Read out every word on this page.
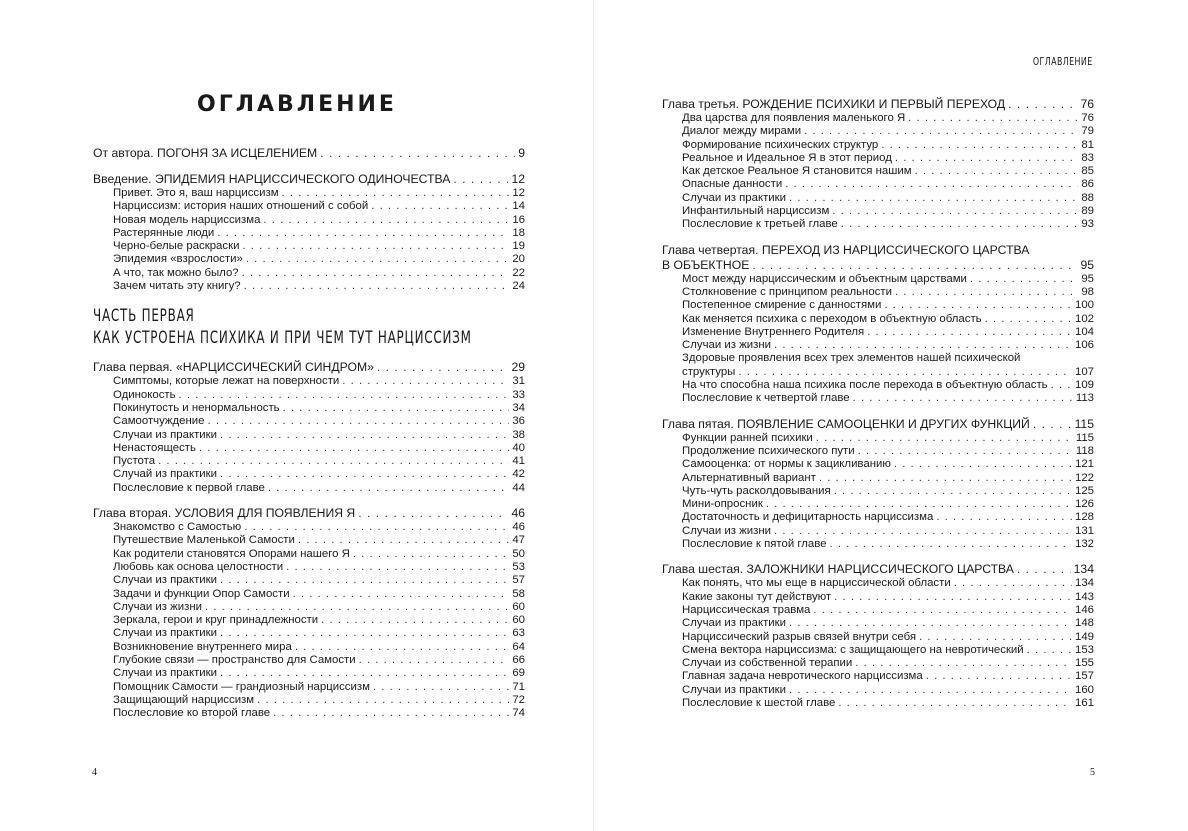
ОГЛАВЛЕНИЕ
От автора. ПОГОНЯ ЗА ИСЦЕЛЕНИЕМ . . .	9
Введение. ЭПИДЕМИЯ НАРЦИССИЧЕСКОГО ОДИНОЧЕСТВА . . .	12
Привет. Это я, ваш нарциссизм . . .	12
Нарциссизм: история наших отношений с собой . . .	14
Новая модель нарциссизма . . .	16
Растерянные люди . . .	18
Черно-белые раскраски . . .	19
Эпидемия «взрослости» . . .	20
А что, так можно было? . . .	22
Зачем читать эту книгу? . . .	24
ЧАСТЬ ПЕРВАЯ
КАК УСТРОЕНА ПСИХИКА И ПРИ ЧЕМ ТУТ НАРЦИССИЗМ
Глава первая. «НАРЦИССИЧЕСКИЙ СИНДРОМ» . . .	29
Симптомы, которые лежат на поверхности . . .	31
Одинокость . . .	33
Покинутость и ненормальность . . .	34
Самоотчуждение . . .	36
Случаи из практики . . .	38
Ненастоящесть . . .	40
Пустота . . .	41
Случай из практики . . .	42
Послесловие к первой главе . . .	44
Глава вторая. УСЛОВИЯ ДЛЯ ПОЯВЛЕНИЯ Я . . .	46
Знакомство с Самостью . . .	46
Путешествие Маленькой Самости . . .	47
Как родители становятся Опорами нашего Я . . .	50
Любовь как основа целостности . . .	53
Случаи из практики . . .	57
Задачи и функции Опор Самости . . .	58
Случаи из жизни . . .	60
Зеркала, герои и круг принадлежности . . .	60
Случаи из практики . . .	63
Возникновение внутреннего мира . . .	64
Глубокие связи — пространство для Самости . . .	66
Случаи из практики . . .	69
Помощник Самости — грандиозный нарциссизм . . .	71
Защищающий нарциссизм . . .	72
Послесловие ко второй главе . . .	74
4
ОГЛАВЛЕНИЕ
Глава третья. РОЖДЕНИЕ ПСИХИКИ И ПЕРВЫЙ ПЕРЕХОД . . .	76
Два царства для появления маленького Я . . .	76
Диалог между мирами . . .	79
Формирование психических структур . . .	81
Реальное и Идеальное Я в этот период . . .	83
Как детское Реальное Я становится нашим . . .	85
Опасные данности . . .	86
Случаи из практики . . .	88
Инфантильный нарциссизм . . .	89
Послесловие к третьей главе . . .	93
Глава четвертая. ПЕРЕХОД ИЗ НАРЦИССИЧЕСКОГО ЦАРСТВА
В ОБЪЕКТНОЕ . . .	95
Мост между нарциссическим и объектным царствами . . .	95
Столкновение с принципом реальности . . .	98
Постепенное смирение с данностями . . .	100
Как меняется психика с переходом в объектную область . . .	102
Изменение Внутреннего Родителя . . .	104
Случаи из жизни . . .	106
Здоровые проявления всех трех элементов нашей психической
структуры . . .	107
На что способна наша психика после перехода в объектную область . . . 109
Послесловие к четвертой главе . . .	113
Глава пятая. ПОЯВЛЕНИЕ САМООЦЕНКИ И ДРУГИХ ФУНКЦИЙ . . .	115
Функции ранней психики . . .	115
Продолжение психического пути . . .	118
Самооценка: от нормы к зацикливанию . . .	121
Альтернативный вариант . . .	122
Чуть-чуть расколдовывания . . .	125
Мини-опросник . . .	126
Достаточность и дефицитарность нарциссизма . . .	128
Случаи из жизни . . .	131
Послесловие к пятой главе . . .	132
Глава шестая. ЗАЛОЖНИКИ НАРЦИССИЧЕСКОГО ЦАРСТВА . . .	134
Как понять, что мы еще в нарциссической области . . .	134
Какие законы тут действуют . . .	143
Нарциссическая травма . . .	146
Случаи из практики . . .	148
Нарциссический разрыв связей внутри себя . . .	149
Смена вектора нарциссизма: с защищающего на невротический . . .	153
Случаи из собственной терапии . . .	155
Главная задача невротического нарциссизма . . .	157
Случаи из практики . . .	160
Послесловие к шестой главе . . .	161
5
